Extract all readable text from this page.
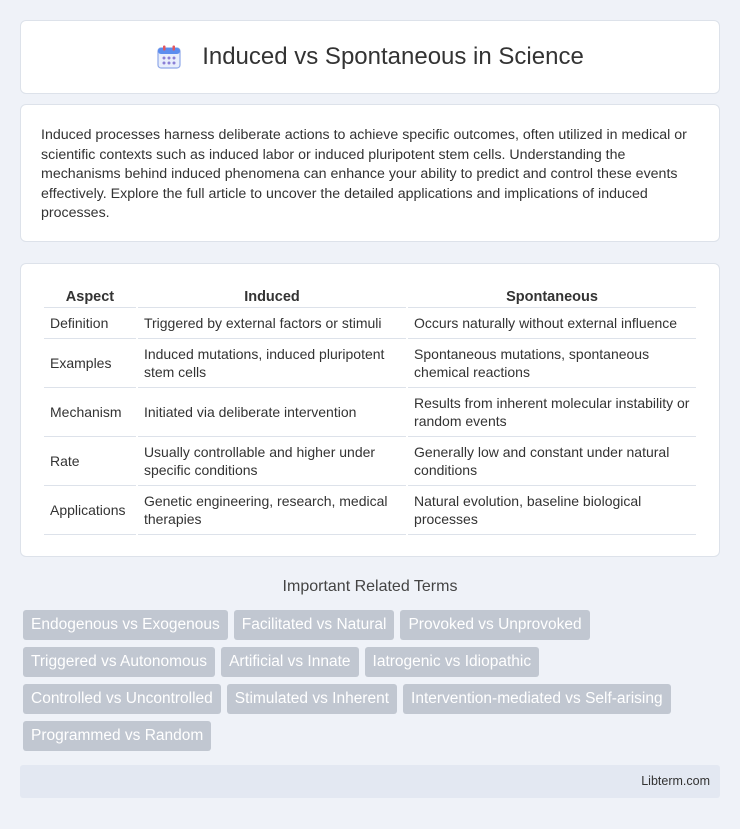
Induced vs Spontaneous in Science

Induced processes harness deliberate actions to achieve specific outcomes, often utilized in medical or scientific contexts such as induced labor or induced pluripotent stem cells. Understanding the mechanisms behind induced phenomena can enhance your ability to predict and control these events effectively. Explore the full article to uncover the detailed applications and implications of induced processes.

Aspect	Induced	Spontaneous
Definition	Triggered by external factors or stimuli	Occurs naturally without external influence
Examples	Induced mutations, induced pluripotent stem cells	Spontaneous mutations, spontaneous chemical reactions
Mechanism	Initiated via deliberate intervention	Results from inherent molecular instability or random events
Rate	Usually controllable and higher under specific conditions	Generally low and constant under natural conditions
Applications	Genetic engineering, research, medical therapies	Natural evolution, baseline biological processes
Important Related Terms
Endogenous vs Exogenous	Facilitated vs Natural	Provoked vs Unprovoked
Triggered vs Autonomous	Artificial vs Innate	Iatrogenic vs Idiopathic
Controlled vs Uncontrolled	Stimulated vs Inherent	Intervention-mediated vs Self-arising
Programmed vs Random
Libterm.com
